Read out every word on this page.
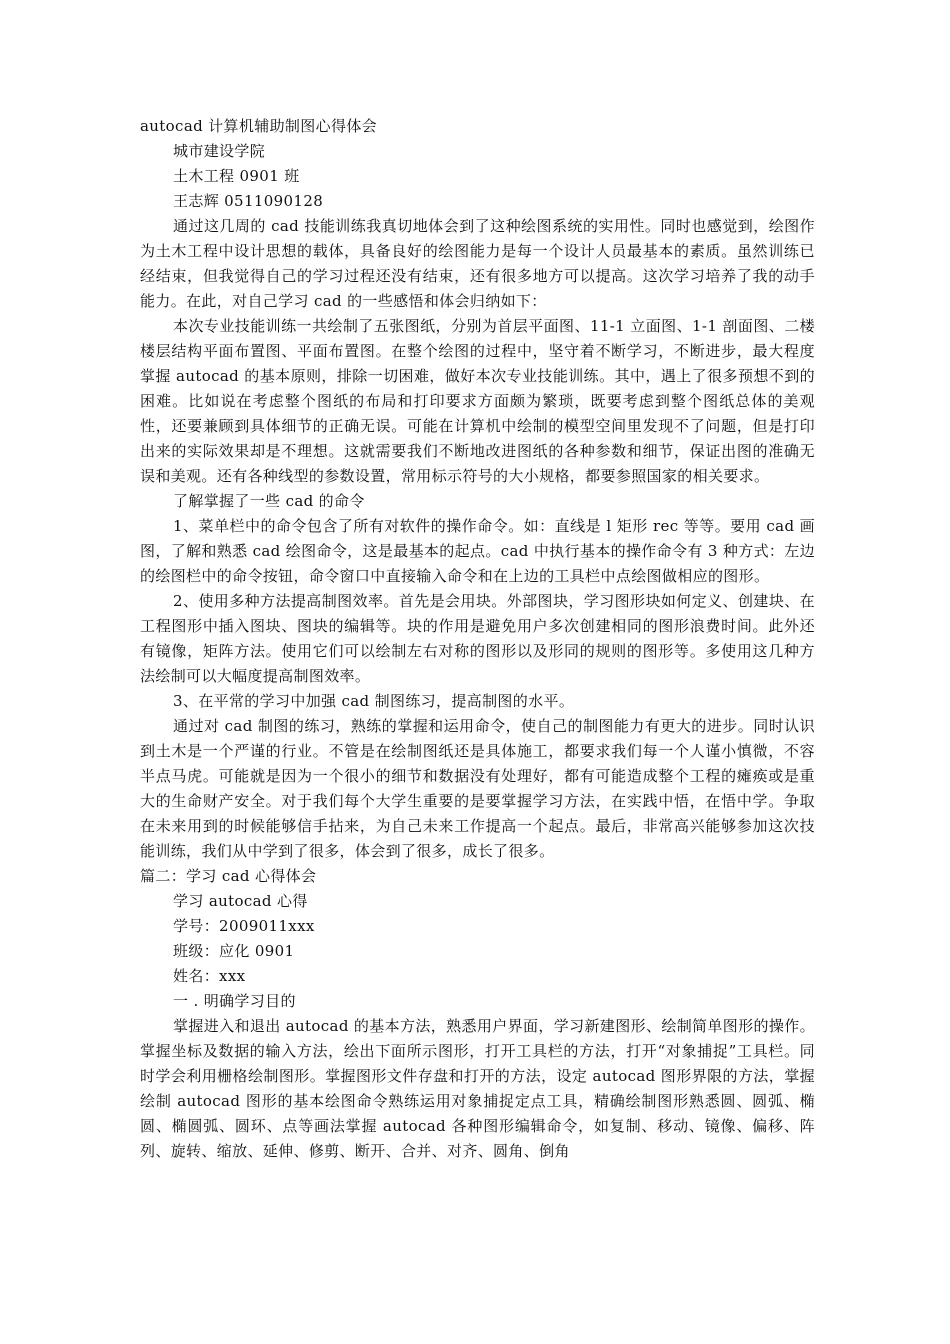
autocad 计算机辅助制图心得体会

城市建设学院

土木工程 0901 班

王志辉 0511090128

通过这几周的 cad 技能训练我真切地体会到了这种绘图系统的实用性。同时也感觉到，绘图作为土木工程中设计思想的载体，具备良好的绘图能力是每一个设计人员最基本的素质。虽然训练已经结束，但我觉得自己的学习过程还没有结束，还有很多地方可以提高。这次学习培养了我的动手能力。在此，对自己学习 cad 的一些感悟和体会归纳如下：

本次专业技能训练一共绘制了五张图纸，分别为首层平面图、11-1 立面图、1-1 剖面图、二楼楼层结构平面布置图、平面布置图。在整个绘图的过程中，坚守着不断学习，不断进步，最大程度掌握 autocad 的基本原则，排除一切困难，做好本次专业技能训练。其中，遇上了很多预想不到的困难。比如说在考虑整个图纸的布局和打印要求方面颇为繁琐，既要考虑到整个图纸总体的美观性，还要兼顾到具体细节的正确无误。可能在计算机中绘制的模型空间里发现不了问题，但是打印出来的实际效果却是不理想。这就需要我们不断地改进图纸的各种参数和细节，保证出图的准确无误和美观。还有各种线型的参数设置，常用标示符号的大小规格，都要参照国家的相关要求。

了解掌握了一些 cad 的命令

1、菜单栏中的命令包含了所有对软件的操作命令。如：直线是 l 矩形 rec 等等。要用 cad 画图，了解和熟悉 cad 绘图命令，这是最基本的起点。cad 中执行基本的操作命令有 3 种方式：左边的绘图栏中的命令按钮，命令窗口中直接输入命令和在上边的工具栏中点绘图做相应的图形。

2、使用多种方法提高制图效率。首先是会用块。外部图块，学习图形块如何定义、创建块、在工程图形中插入图块、图块的编辑等。块的作用是避免用户多次创建相同的图形浪费时间。此外还有镜像，矩阵方法。使用它们可以绘制左右对称的图形以及形同的规则的图形等。多使用这几种方法绘制可以大幅度提高制图效率。

3、在平常的学习中加强 cad 制图练习，提高制图的水平。

通过对 cad 制图的练习，熟练的掌握和运用命令，使自己的制图能力有更大的进步。同时认识到土木是一个严谨的行业。不管是在绘制图纸还是具体施工，都要求我们每一个人谨小慎微，不容半点马虎。可能就是因为一个很小的细节和数据没有处理好，都有可能造成整个工程的瘫痪或是重大的生命财产安全。对于我们每个大学生重要的是要掌握学习方法，在实践中悟，在悟中学。争取在未来用到的时候能够信手拈来，为自己未来工作提高一个起点。最后，非常高兴能够参加这次技能训练，我们从中学到了很多，体会到了很多，成长了很多。

篇二：学习 cad 心得体会

学习 autocad 心得

学号：2009011xxx

班级：应化 0901

姓名：xxx

一 . 明确学习目的

掌握进入和退出 autocad 的基本方法，熟悉用户界面，学习新建图形、绘制简单图形的操作。掌握坐标及数据的输入方法，绘出下面所示图形，打开工具栏的方法，打开“对象捕捉”工具栏。同时学会利用栅格绘制图形。掌握图形文件存盘和打开的方法，设定 autocad 图形界限的方法，掌握绘制 autocad 图形的基本绘图命令熟练运用对象捕捉定点工具，精确绘制图形熟悉圆、圆弧、椭圆、椭圆弧、圆环、点等画法掌握 autocad 各种图形编辑命令，如复制、移动、镜像、偏移、阵列、旋转、缩放、延伸、修剪、断开、合并、对齐、圆角、倒角
